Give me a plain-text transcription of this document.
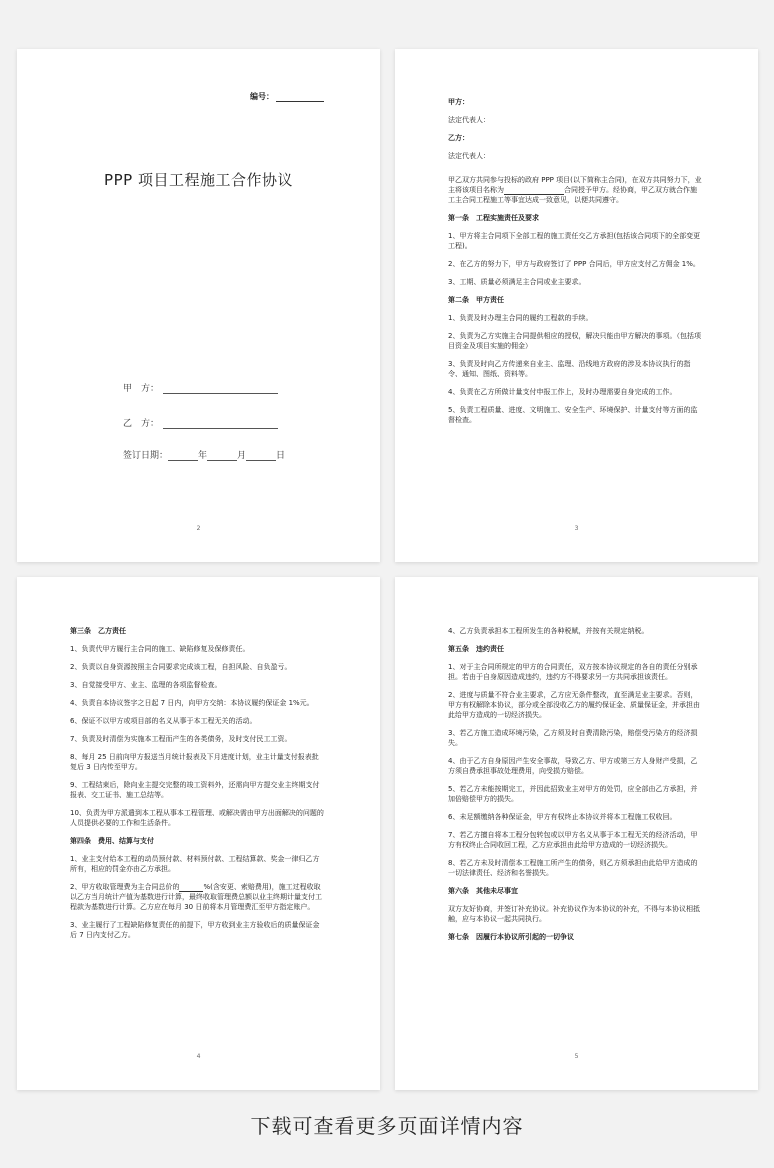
编号：
PPP 项目工程施工合作协议
甲　方：
乙　方：
签订日期：	年	月	日
2

甲方：

法定代表人：

乙方：

法定代表人：

甲乙双方共同参与投标的政府 PPP 项目(以下简称主合同)，在双方共同努力下，业主将该项目名称为	合同授予甲方。经协商，甲乙双方就合作施工主合同工程施工等事宜达成一致意见，以便共同遵守。

第一条　工程实施责任及要求

1、甲方将主合同项下全部工程的施工责任交乙方承担(包括该合同项下的全部变更工程)。

2、在乙方的努力下，甲方与政府签订了 PPP 合同后，甲方应支付乙方佣金 1%。

3、工期、质量必须满足主合同或业主要求。

第二条　甲方责任

1、负责及时办理主合同的履约工程款的手续。

2、负责为乙方实施主合同提供相应的授权，解决只能由甲方解决的事项。（包括项目资金及项目实施的佣金）

3、负责及时向乙方传递来自业主、监理、沿线地方政府的涉及本协议执行的指令、通知、图纸、资料等。

4、负责在乙方所做计量支付申报工作上，及时办理需要自身完成的工作。

5、负责工程质量、进度、文明施工、安全生产、环境保护、计量支付等方面的监督检查。

3

第三条　乙方责任

1、负责代甲方履行主合同的施工、缺陷修复及保修责任。

2、负责以自身资源按照主合同要求完成该工程，自担风险、自负盈亏。

3、自觉接受甲方、业主、监理的各项监督检查。

4、负责自本协议签字之日起 7 日内，向甲方交纳：本协议履约保证金 1%元。

6、保证不以甲方或项目部的名义从事于本工程无关的活动。

7、负责及时清偿为实施本工程而产生的各类债务，及时支付民工工资。

8、每月 25 日前向甲方报送当月统计报表及下月进度计划，业主计量支付报表批复后 3 日内传至甲方。

9、工程结束后，除向业主提交完整的竣工资料外，还需向甲方提交业主终期支付报表、交工证书、施工总结等。

10、负责为甲方派遣到本工程从事本工程管理、或解决需由甲方出面解决的问题的人员提供必要的工作和生活条件。

第四条　费用、结算与支付

1、业主支付给本工程的动员预付款、材料预付款、工程结算款、奖金一律归乙方所有，相应的罚金亦由乙方承担。

2、甲方收取管理费为主合同总价的	%(含安更、索赔费用)，施工过程收取以乙方当月统计产值为基数进行计算，最终收取管理费总额以业主终期计量支付工程款为基数进行计算。乙方应在每月 30 日前将本月管理费汇至甲方指定账户。

3、业主履行了工程缺陷修复责任的前提下，甲方收到业主方验收后的质量保证金后 7 日内支付乙方。

4

4、乙方负责承担本工程所发生的各种税赋，并按有关规定纳税。

第五条　违约责任

1、对于主合同所规定的甲方的合同责任，双方按本协议规定的各自的责任分别承担。若由于自身原因造成违约，违约方不得要求另一方共同承担该责任。

2、进度与质量不符合业主要求，乙方应无条件整改，直至满足业主要求。否则，甲方有权解除本协议，部分或全部没收乙方的履约保证金、质量保证金，并承担由此给甲方造成的一切经济损失。

3、若乙方施工造成环境污染，乙方须及时自费清除污染，赔偿受污染方的经济损失。

4、由于乙方自身原因产生安全事故，导致乙方、甲方或第三方人身财产受损，乙方须自费承担事故处理费用，向受损方赔偿。

5、若乙方未能按期完工，并因此招致业主对甲方的处罚，应全部由乙方承担，并加倍赔偿甲方的损失。

6、未足额缴纳各种保证金，甲方有权终止本协议并将本工程施工权收回。

7、若乙方擅自将本工程分包转包或以甲方名义从事于本工程无关的经济活动，甲方有权终止合同收回工程，乙方应承担由此给甲方造成的一切经济损失。

8、若乙方未及时清偿本工程施工所产生的债务，则乙方须承担由此给甲方造成的一切法律责任、经济和名誉损失。

第六条　其他未尽事宜

双方友好协商，并签订补充协议。补充协议作为本协议的补充，不得与本协议相抵触，应与本协议一起共同执行。

第七条　因履行本协议所引起的一切争议

5
下载可查看更多页面详情内容
